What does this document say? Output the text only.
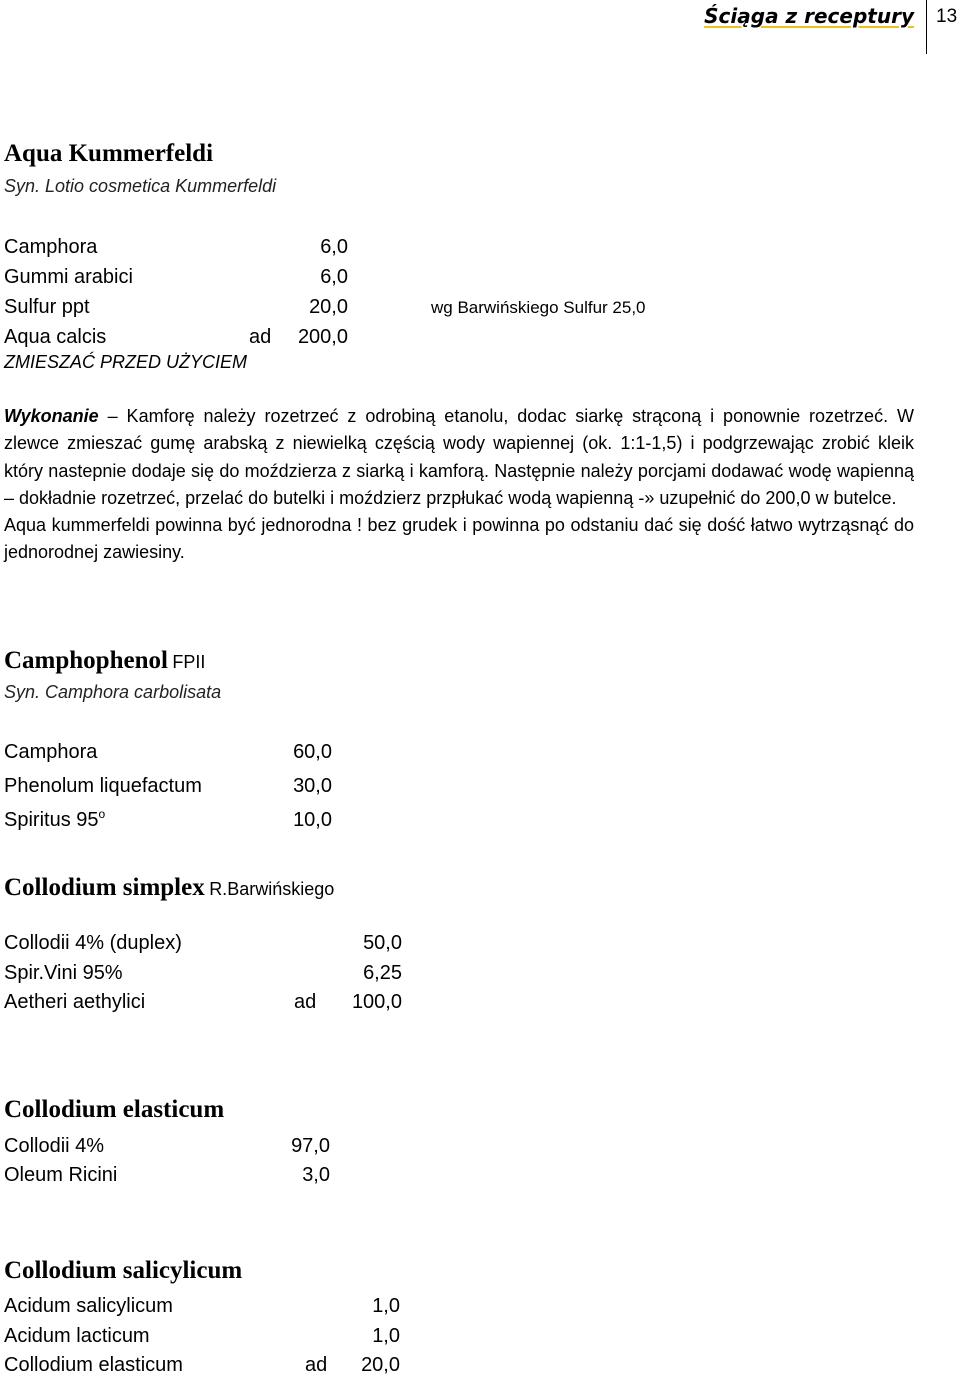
Ściąga z receptury 13
Aqua Kummerfeldi
Syn. Lotio cosmetica Kummerfeldi
Camphora	6,0
Gummi arabici	6,0
Sulfur ppt	20,0	wg Barwińskiego Sulfur 25,0
Aqua calcis	ad 200,0
ZMIESZAĆ PRZED UŻYCIEM

Wykonanie – Kamforę należy rozetrzeć z odrobiną etanolu, dodac siarkę strąconą i ponownie rozetrzeć. W zlewce zmieszać gumę arabską z niewielką częścią wody wapiennej (ok. 1:1-1,5) i podgrzewając zrobić kleik który nastepnie dodaje się do moździerza z siarką i kamforą. Następnie należy porcjami dodawać wodę wapienną – dokładnie rozetrzeć, przelać do butelki i moździerz przpłukać wodą wapienną -» uzupełnić do 200,0 w butelce.

Aqua kummerfeldi powinna być jednorodna ! bez grudek i powinna po odstaniu dać się dość łatwo wytrząsnąć do jednorodnej zawiesiny.

Camphophenol FPII
Syn. Camphora carbolisata
Camphora	60,0
Phenolum liquefactum	30,0
Spiritus 95$^o$	10,0
Collodium simplex R.Barwińskiego
Collodii 4% (duplex)	50,0
Spir.Vini 95%	6,25
Aetheri aethylici	ad 100,0
Collodium elasticum
Collodii 4%	97,0
Oleum Ricini	3,0
Collodium salicylicum
Acidum salicylicum	1,0
Acidum lacticum	1,0
Collodium elasticum	ad 20,0
